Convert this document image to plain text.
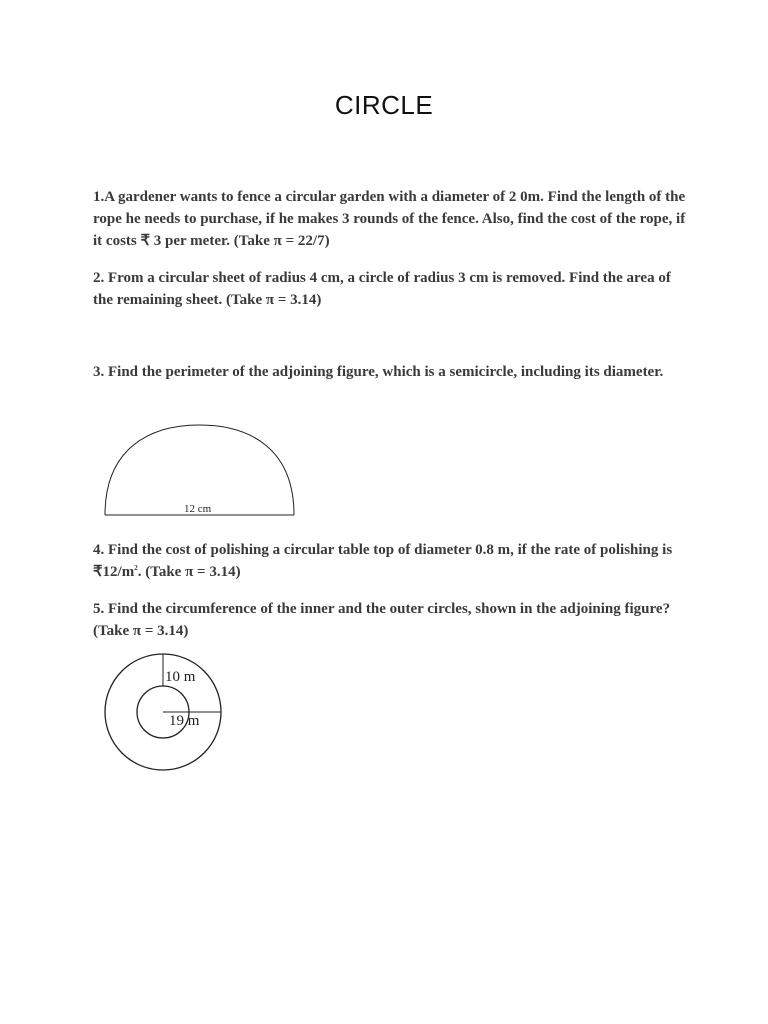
CIRCLE

1.A gardener wants to fence a circular garden with a diameter of 2 0m. Find the length of the rope he needs to purchase, if he makes 3 rounds of the fence. Also, find the cost of the rope, if it costs ₹ 3 per meter. (Take π = 22/7)

2. From a circular sheet of radius 4 cm, a circle of radius 3 cm is removed. Find the area of the remaining sheet. (Take π = 3.14)

3. Find the perimeter of the adjoining figure, which is a semicircle, including its diameter.

12 cm

4. Find the cost of polishing a circular table top of diameter 0.8 m, if the rate of polishing is $₹12/m^2$. (Take π = 3.14)

5. Find the circumference of the inner and the outer circles, shown in the adjoining figure? (Take π = 3.14)

10 m
19 m
